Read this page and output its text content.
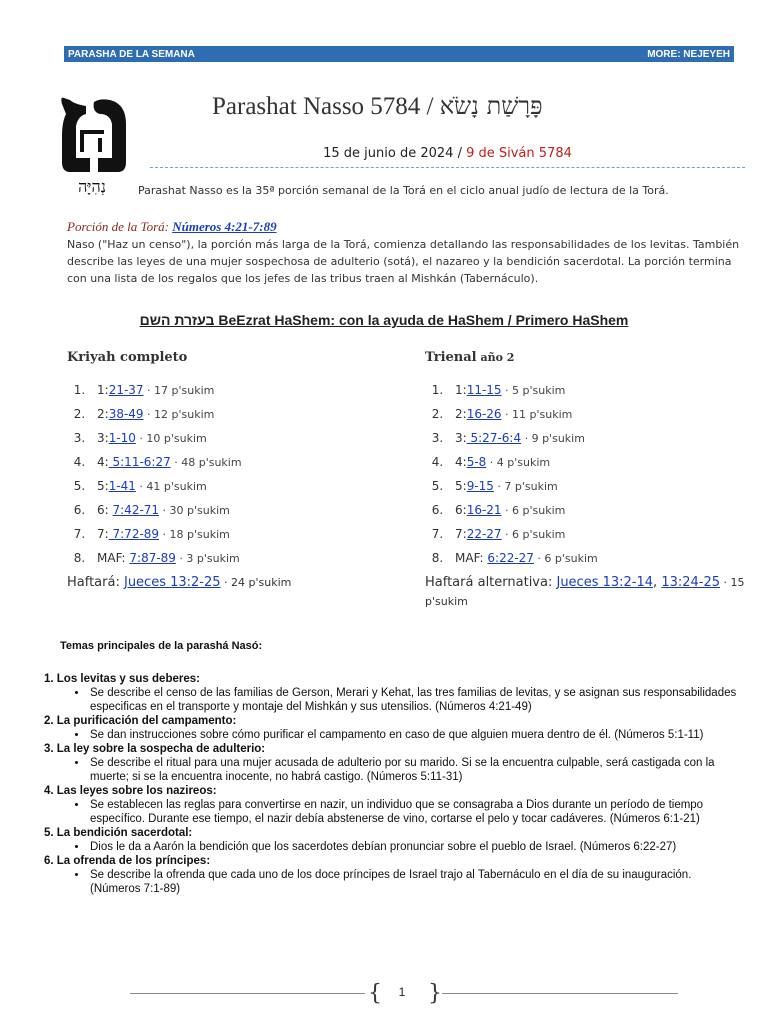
PARASHA DE LA SEMANA	MORE: NEJEYEH
נְהִיָּה
Parashat Nasso 5784 / פָּרָשַׁת נָשֹׂא
15 de junio de 2024 / 9 de Siván 5784
Parashat Nasso es la 35ª porción semanal de la Torá en el ciclo anual judío de lectura de la Torá.
Porción de la Torá: Números 4:21-7:89
Naso ("Haz un censo"), la porción más larga de la Torá, comienza detallando las responsabilidades de los levitas. También describe las leyes de una mujer sospechosa de adulterio (sotá), el nazareo y la bendición sacerdotal. La porción termina con una lista de los regalos que los jefes de las tribus traen al Mishkán (Tabernáculo).
בעזרת השם BeEzrat HaShem: con la ayuda de HaShem / Primero HaShem
Kriyah completo
1. 1:21-37 · 17 p'sukim
2. 2:38-49 · 12 p'sukim
3. 3:1-10 · 10 p'sukim
4. 4: 5:11-6:27 · 48 p'sukim
5. 5:1-41 · 41 p'sukim
6. 6: 7:42-71 · 30 p'sukim
7. 7: 7:72-89 · 18 p'sukim
8. MAF: 7:87-89 · 3 p'sukim
Haftará: Jueces 13:2-25 · 24 p'sukim
Trienal año 2
1. 1:11-15 · 5 p'sukim
2. 2:16-26 · 11 p'sukim
3. 3: 5:27-6:4 · 9 p'sukim
4. 4:5-8 · 4 p'sukim
5. 5:9-15 · 7 p'sukim
6. 6:16-21 · 6 p'sukim
7. 7:22-27 · 6 p'sukim
8. MAF: 6:22-27 · 6 p'sukim
Haftará alternativa: Jueces 13:2-14, 13:24-25 · 15 p'sukim
Temas principales de la parashá Nasó:
1. Los levitas y sus deberes:
• Se describe el censo de las familias de Gerson, Merari y Kehat, las tres familias de levitas, y se asignan sus responsabilidades especificas en el transporte y montaje del Mishkán y sus utensilios. (Números 4:21-49)
2. La purificación del campamento:
• Se dan instrucciones sobre cómo purificar el campamento en caso de que alguien muera dentro de él. (Números 5:1-11)
3. La ley sobre la sospecha de adulterio:
• Se describe el ritual para una mujer acusada de adulterio por su marido. Si se la encuentra culpable, será castigada con la muerte; si se la encuentra inocente, no habrá castigo. (Números 5:11-31)
4. Las leyes sobre los nazireos:
• Se establecen las reglas para convertirse en nazir, un individuo que se consagraba a Dios durante un período de tiempo específico. Durante ese tiempo, el nazir debía abstenerse de vino, cortarse el pelo y tocar cadáveres. (Números 6:1-21)
5. La bendición sacerdotal:
• Dios le da a Aarón la bendición que los sacerdotes debían pronunciar sobre el pueblo de Israel. (Números 6:22-27)
6. La ofrenda de los príncipes:
• Se describe la ofrenda que cada uno de los doce príncipes de Israel trajo al Tabernáculo en el día de su inauguración. (Números 7:1-89)
{	1	}
